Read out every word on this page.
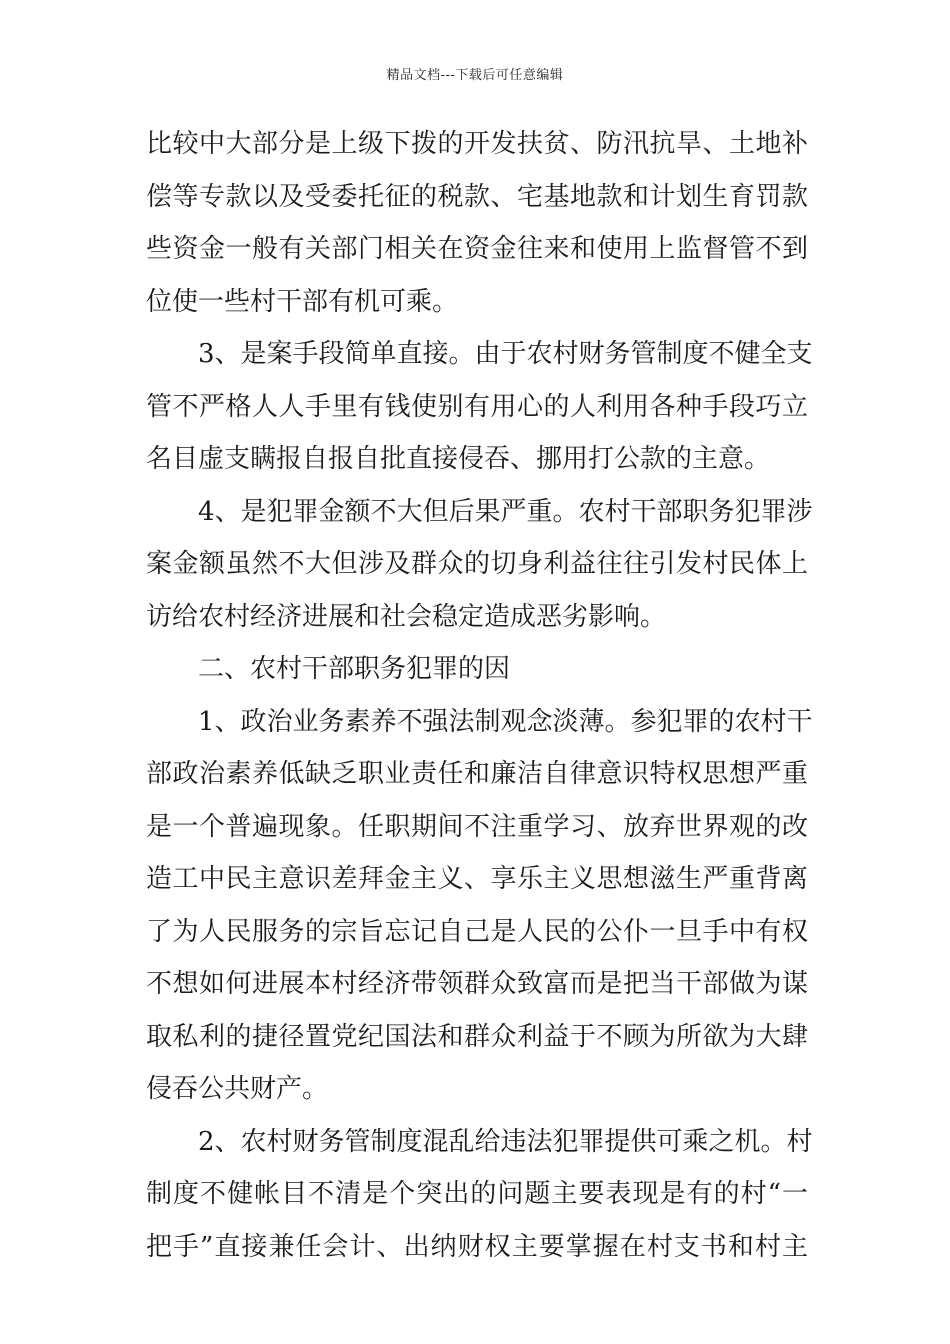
精品文档---下载后可任意编辑
比较中大部分是上级下拨的开发扶贫、防汛抗旱、土地补
偿等专款以及受委托征的税款、宅基地款和计划生育罚款
些资金一般有关部门相关在资金往来和使用上监督管不到
位使一些村干部有机可乘。
3、是案手段简单直接。由于农村财务管制度不健全支
管不严格人人手里有钱使别有用心的人利用各种手段巧立
名目虚支瞒报自报自批直接侵吞、挪用打公款的主意。
4、是犯罪金额不大但后果严重。农村干部职务犯罪涉
案金额虽然不大但涉及群众的切身利益往往引发村民体上
访给农村经济进展和社会稳定造成恶劣影响。
二、农村干部职务犯罪的因
1、政治业务素养不强法制观念淡薄。参犯罪的农村干
部政治素养低缺乏职业责任和廉洁自律意识特权思想严重
是一个普遍现象。任职期间不注重学习、放弃世界观的改
造工中民主意识差拜金主义、享乐主义思想滋生严重背离
了为人民服务的宗旨忘记自己是人民的公仆一旦手中有权
不想如何进展本村经济带领群众致富而是把当干部做为谋
取私利的捷径置党纪国法和群众利益于不顾为所欲为大肆
侵吞公共财产。
2、农村财务管制度混乱给违法犯罪提供可乘之机。村
制度不健帐目不清是个突出的问题主要表现是有的村“一
把手”直接兼任会计、出纳财权主要掌握在村支书和村主
